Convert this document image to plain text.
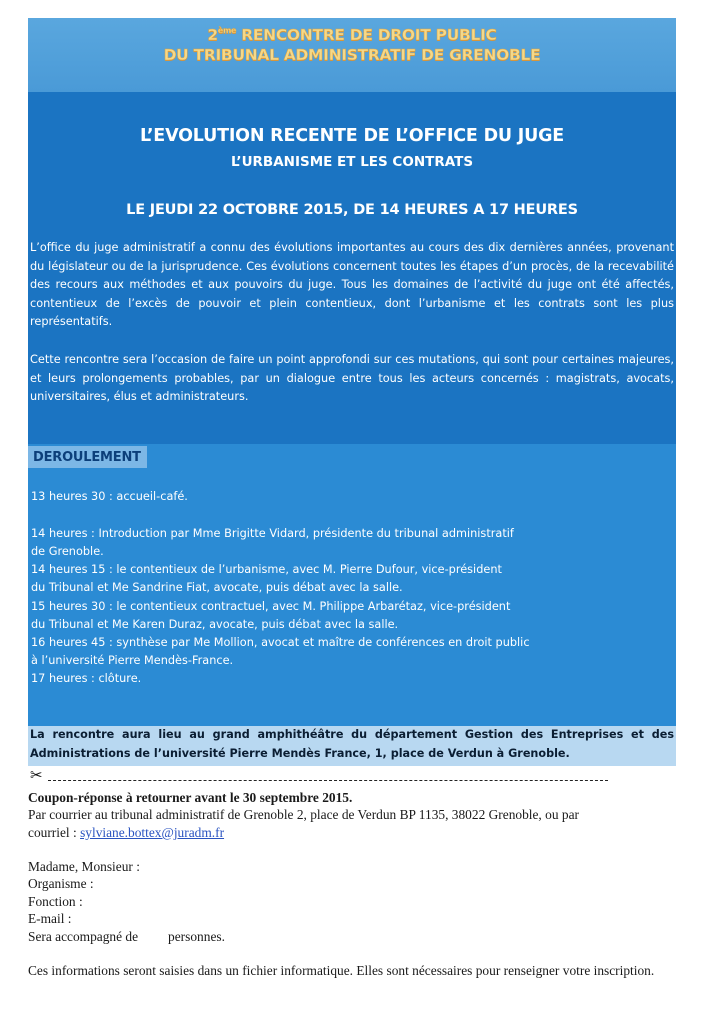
2ème RENCONTRE DE DROIT PUBLIC
DU TRIBUNAL ADMINISTRATIF DE GRENOBLE
L’EVOLUTION RECENTE DE L’OFFICE DU JUGE
L’URBANISME ET LES CONTRATS
LE JEUDI 22 OCTOBRE 2015, DE 14 HEURES A 17 HEURES
L’office du juge administratif a connu des évolutions importantes au cours des dix dernières années, provenant du législateur ou de la jurisprudence. Ces évolutions concernent toutes les étapes d’un procès, de la recevabilité des recours aux méthodes et aux pouvoirs du juge. Tous les domaines de l’activité du juge ont été affectés, contentieux de l’excès de pouvoir et plein contentieux, dont l’urbanisme et les contrats sont les plus représentatifs.
Cette rencontre sera l’occasion de faire un point approfondi sur ces mutations, qui sont pour certaines majeures, et leurs prolongements probables, par un dialogue entre tous les acteurs concernés : magistrats, avocats, universitaires, élus et administrateurs.
DEROULEMENT
13 heures 30 : accueil-café.
14 heures : Introduction par Mme Brigitte Vidard, présidente du tribunal administratif
de Grenoble.
14 heures 15 : le contentieux de l’urbanisme, avec M. Pierre Dufour, vice-président
du Tribunal et Me Sandrine Fiat, avocate, puis débat avec la salle.
15 heures 30 : le contentieux contractuel, avec M. Philippe Arbarétaz, vice-président
du Tribunal et Me Karen Duraz, avocate, puis débat avec la salle.
16 heures 45 : synthèse par Me Mollion, avocat et maître de conférences en droit public
à l’université Pierre Mendès-France.
17 heures : clôture.
La rencontre aura lieu au grand amphithéâtre du département Gestion des Entreprises et des Administrations de l’université Pierre Mendès France, 1, place de Verdun à Grenoble.
✂
Coupon-réponse à retourner avant le 30 septembre 2015.
Par courrier au tribunal administratif de Grenoble 2, place de Verdun BP 1135, 38022 Grenoble, ou par
courriel : sylviane.bottex@juradm.fr
Madame, Monsieur :
Organisme :
Fonction :
E-mail :
Sera accompagné de personnes.
Ces informations seront saisies dans un fichier informatique. Elles sont nécessaires pour renseigner votre inscription.
